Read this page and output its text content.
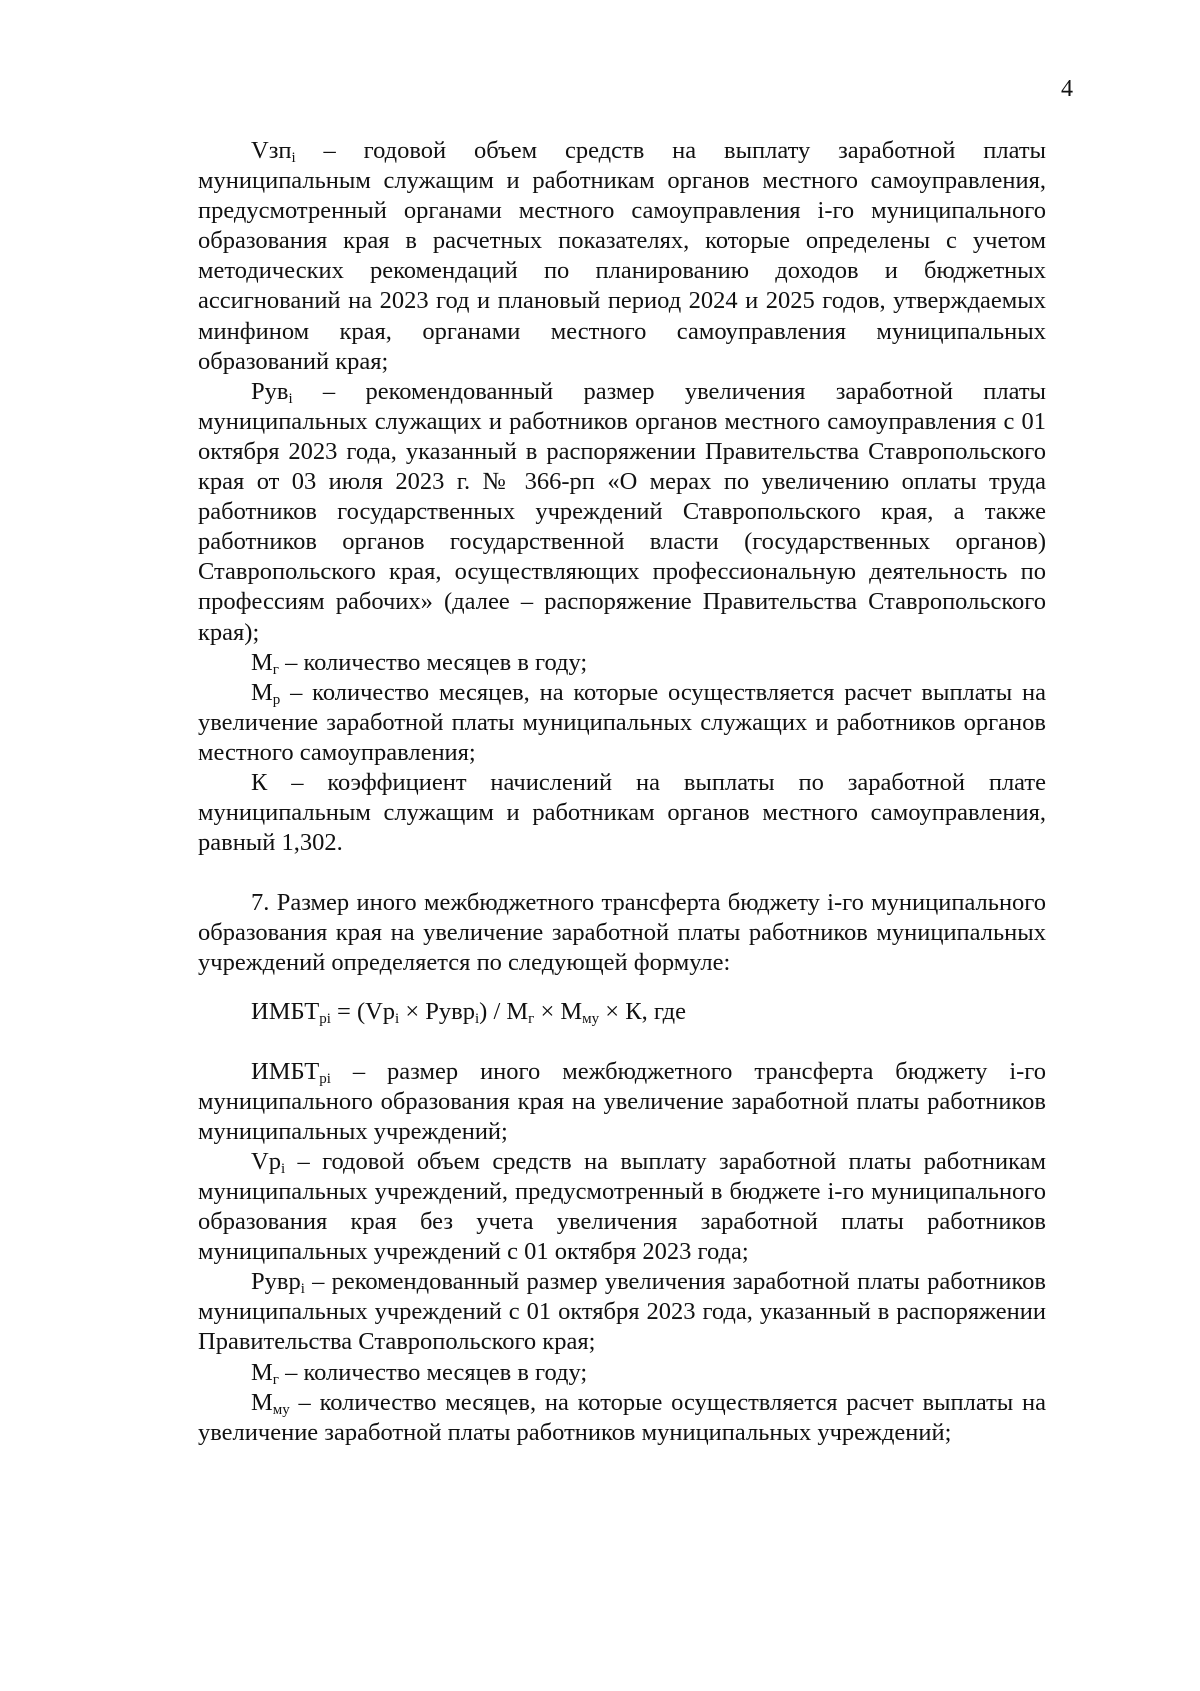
4

Vзп$_i$ – годовой объем средств на выплату заработной платы муниципальным служащим и работникам органов местного самоуправления, предусмотренный органами местного самоуправления i-го муниципального образования края в расчетных показателях, которые определены с учетом методических рекомендаций по планированию доходов и бюджетных ассигнований на 2023 год и плановый период 2024 и 2025 годов, утверждаемых минфином края, органами местного самоуправления муниципальных образований края;

Рув$_i$ – рекомендованный размер увеличения заработной платы муниципальных служащих и работников органов местного самоуправления с 01 октября 2023 года, указанный в распоряжении Правительства Ставропольского края от 03 июля 2023 г. № 366-рп «О мерах по увеличению оплаты труда работников государственных учреждений Ставропольского края, а также работников органов государственной власти (государственных органов) Ставропольского края, осуществляющих профессиональную деятельность по профессиям рабочих» (далее – распоряжение Правительства Ставропольского края);

$М_г$ – количество месяцев в году;

$М_р$ – количество месяцев, на которые осуществляется расчет выплаты на увеличение заработной платы муниципальных служащих и работников органов местного самоуправления;

К – коэффициент начислений на выплаты по заработной плате муниципальным служащим и работникам органов местного самоуправления, равный 1,302.

7. Размер иного межбюджетного трансферта бюджету i-го муниципального образования края на увеличение заработной платы работников муниципальных учреждений определяется по следующей формуле:

$ИМБТ_{рi} = (Vр_i$ × Рувр$_i$) / $М_г \times М_{му} \times К$, где

$ИМБТ_{рi}$ – размер иного межбюджетного трансферта бюджету i-го муниципального образования края на увеличение заработной платы работников муниципальных учреждений;

$Vр_i$ – годовой объем средств на выплату заработной платы работникам муниципальных учреждений, предусмотренный в бюджете i-го муниципального образования края без учета увеличения заработной платы работников муниципальных учреждений с 01 октября 2023 года;

Рувр$_i$ – рекомендованный размер увеличения заработной платы работников муниципальных учреждений с 01 октября 2023 года, указанный в распоряжении Правительства Ставропольского края;

$М_г$ – количество месяцев в году;

$М_{му}$ – количество месяцев, на которые осуществляется расчет выплаты на увеличение заработной платы работников муниципальных учреждений;
